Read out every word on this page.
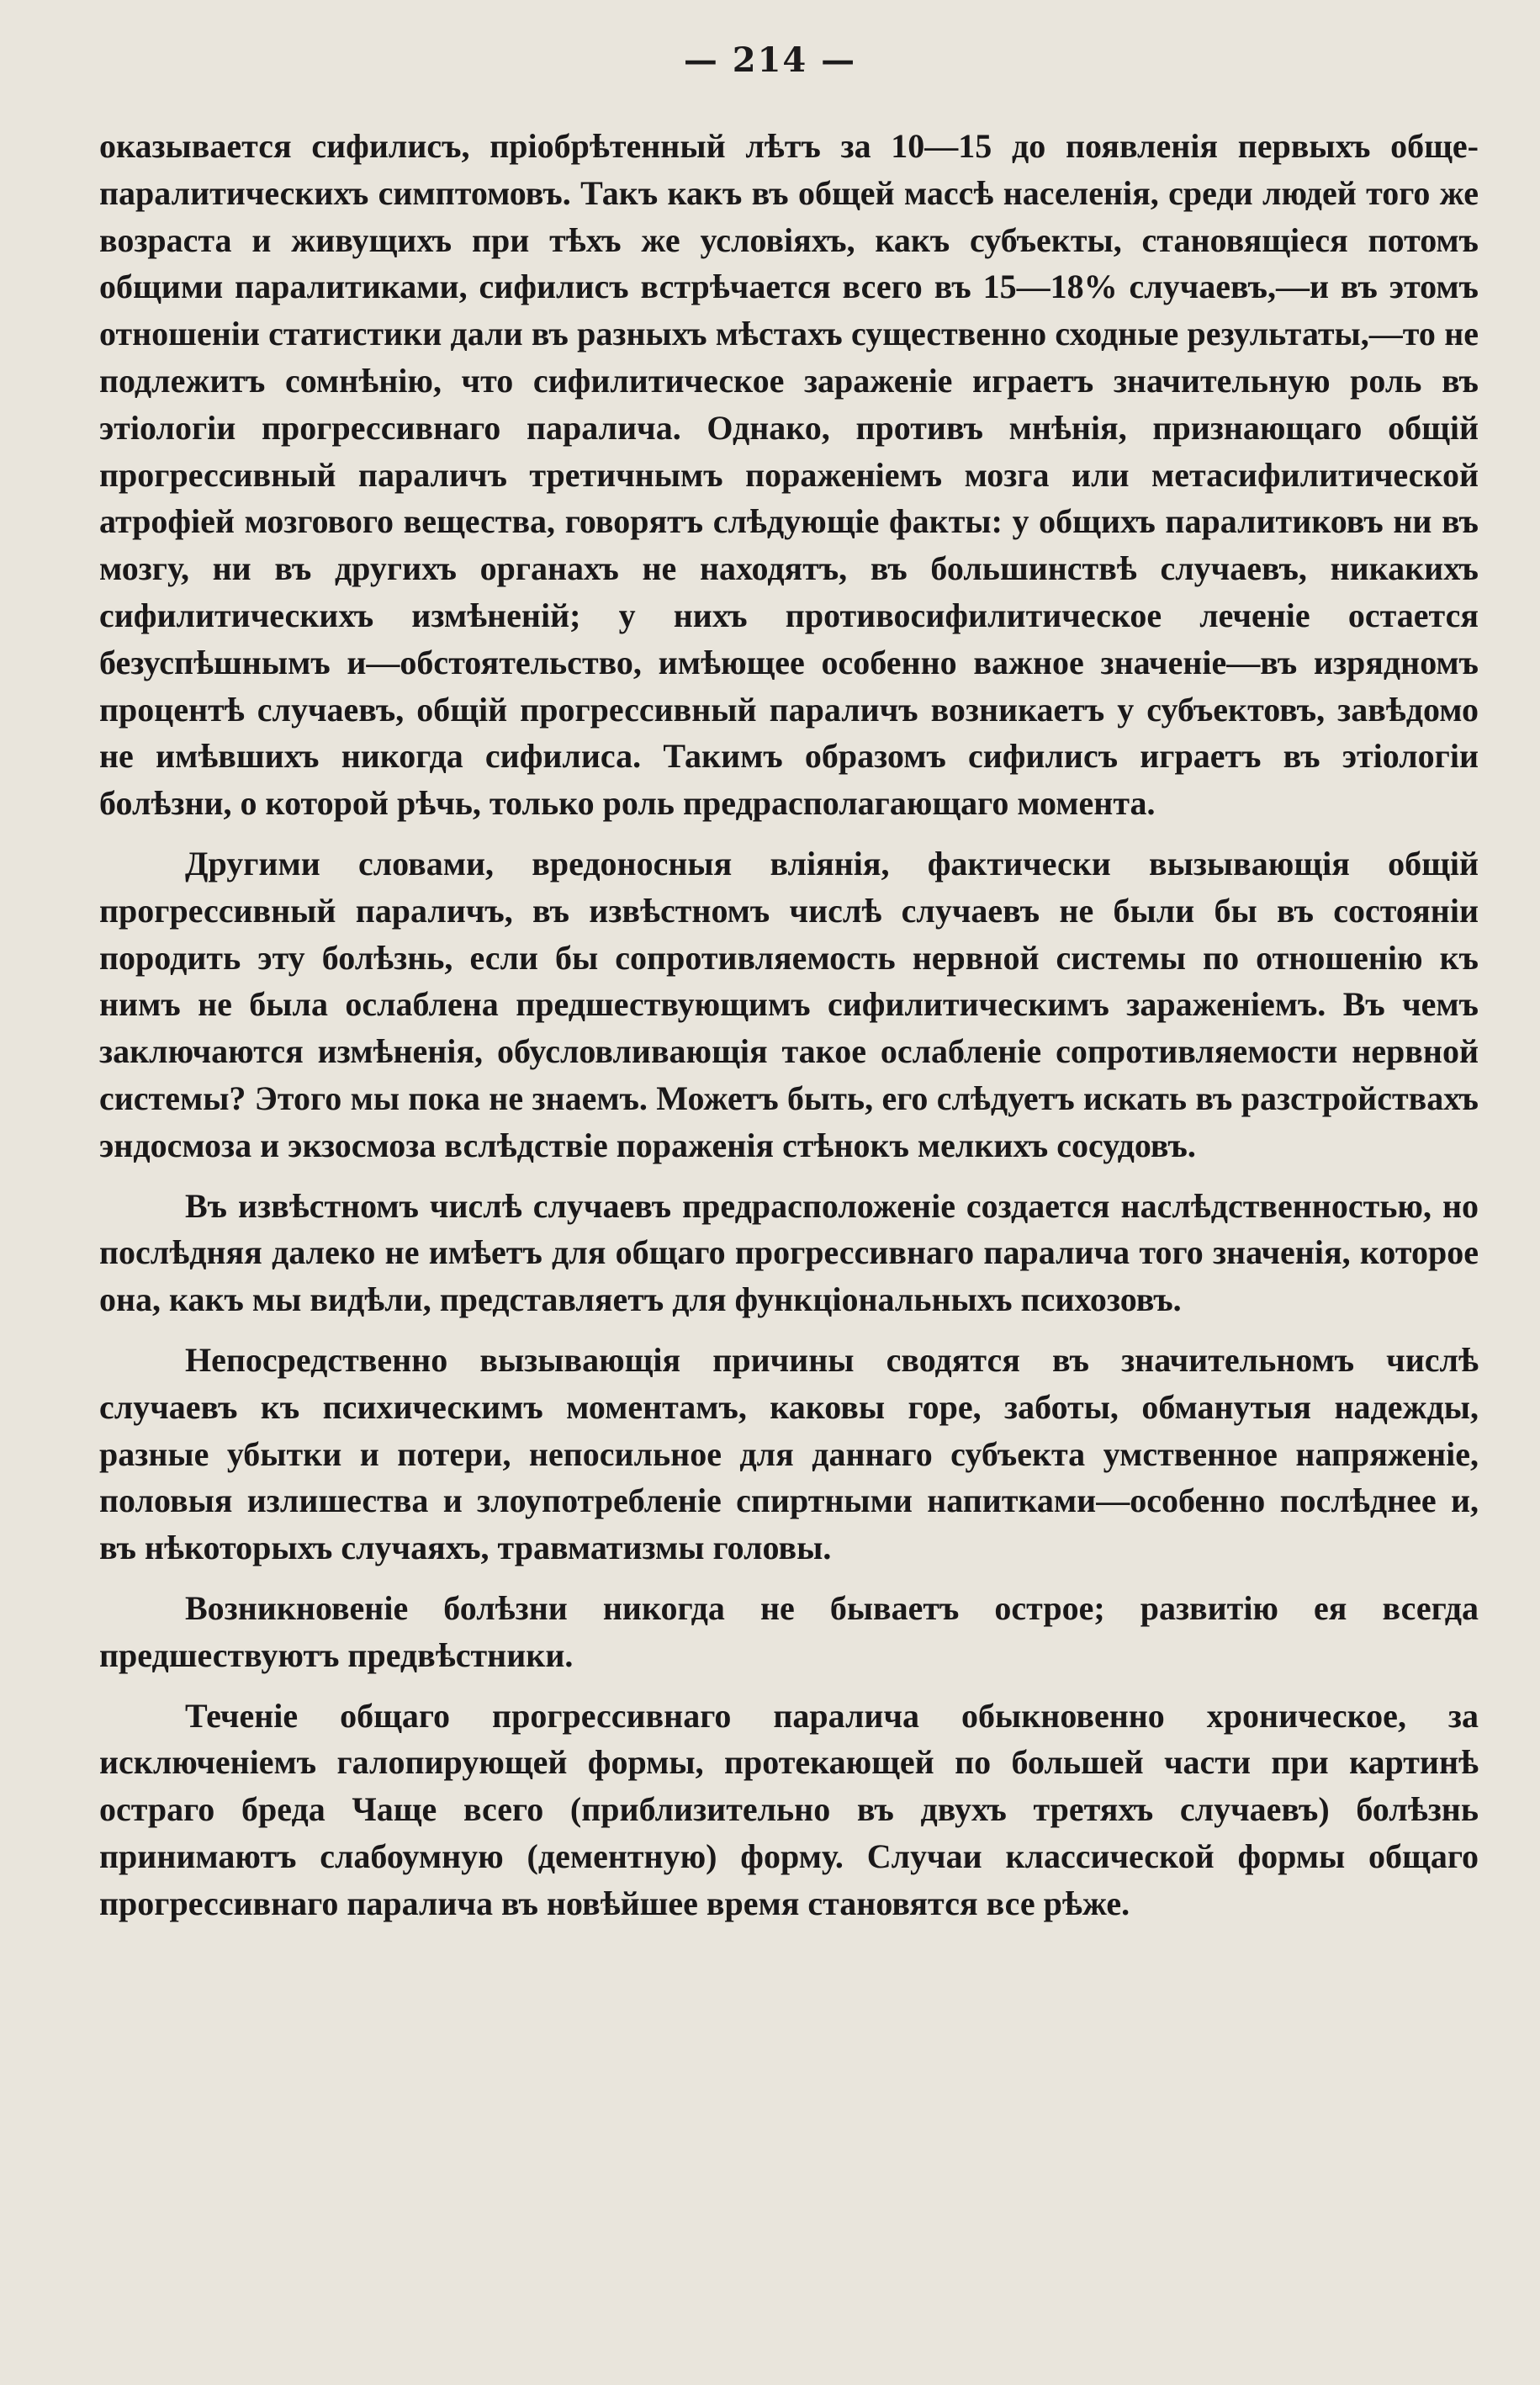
— 214 —

оказывается сифилисъ, пріобрѣтенный лѣтъ за 10—15 до появленія первыхъ обще-паралитическихъ симптомовъ. Такъ какъ въ общей массѣ населенія, среди людей того же возраста и живущихъ при тѣхъ же условіяхъ, какъ субъекты, становящіеся потомъ общими паралитиками, сифилисъ встрѣчается всего въ 15—18% случаевъ,—и въ этомъ отношеніи статистики дали въ разныхъ мѣстахъ существенно сходные результаты,—то не подлежитъ сомнѣнію, что сифилитическое зараженіе играетъ значительную роль въ этіологіи прогрессивнаго паралича. Однако, противъ мнѣнія, признающаго общій прогрессивный параличъ третичнымъ пораженіемъ мозга или метасифилитической атрофіей мозгового вещества, говорятъ слѣдующіе факты: у общихъ паралитиковъ ни въ мозгу, ни въ другихъ органахъ не находятъ, въ большинствѣ случаевъ, никакихъ сифилитическихъ измѣненій; у нихъ противосифилитическое леченіе остается безуспѣшнымъ и—обстоятельство, имѣющее особенно важное значеніе—въ изрядномъ процентѣ случаевъ, общій прогрессивный параличъ возникаетъ у субъектовъ, завѣдомо не имѣвшихъ никогда сифилиса. Такимъ образомъ сифилисъ играетъ въ этіологіи болѣзни, о которой рѣчь, только роль предрасполагающаго момента.

Другими словами, вредоносныя вліянія, фактически вызывающія общій прогрессивный параличъ, въ извѣстномъ числѣ случаевъ не были бы въ состояніи породить эту болѣзнь, если бы сопротивляемость нервной системы по отношенію къ нимъ не была ослаблена предшествующимъ сифилитическимъ зараженіемъ. Въ чемъ заключаются измѣненія, обусловливающія такое ослабленіе сопротивляемости нервной системы? Этого мы пока не знаемъ. Можетъ быть, его слѣдуетъ искать въ разстройствахъ эндосмоза и экзосмоза вслѣдствіе пораженія стѣнокъ мелкихъ сосудовъ.

Въ извѣстномъ числѣ случаевъ предрасположеніе создается наслѣдственностью, но послѣдняя далеко не имѣетъ для общаго прогрессивнаго паралича того значенія, которое она, какъ мы видѣли, представляетъ для функціональныхъ психозовъ.

Непосредственно вызывающія причины сводятся въ значительномъ числѣ случаевъ къ психическимъ моментамъ, каковы горе, заботы, обманутыя надежды, разные убытки и потери, непосильное для даннаго субъекта умственное напряженіе, половыя излишества и злоупотребленіе спиртными напитками—особенно послѣднее и, въ нѣкоторыхъ случаяхъ, травматизмы головы.

Возникновеніе болѣзни никогда не бываетъ острое; развитію ея всегда предшествуютъ предвѣстники.

Теченіе общаго прогрессивнаго паралича обыкновенно хроническое, за исключеніемъ галопирующей формы, протекающей по большей части при картинѣ остраго бреда Чаще всего (приблизительно въ двухъ третяхъ случаевъ) болѣзнь принимаютъ слабоумную (дементную) форму. Случаи классической формы общаго прогрессивнаго паралича въ новѣйшее время становятся все рѣже.
